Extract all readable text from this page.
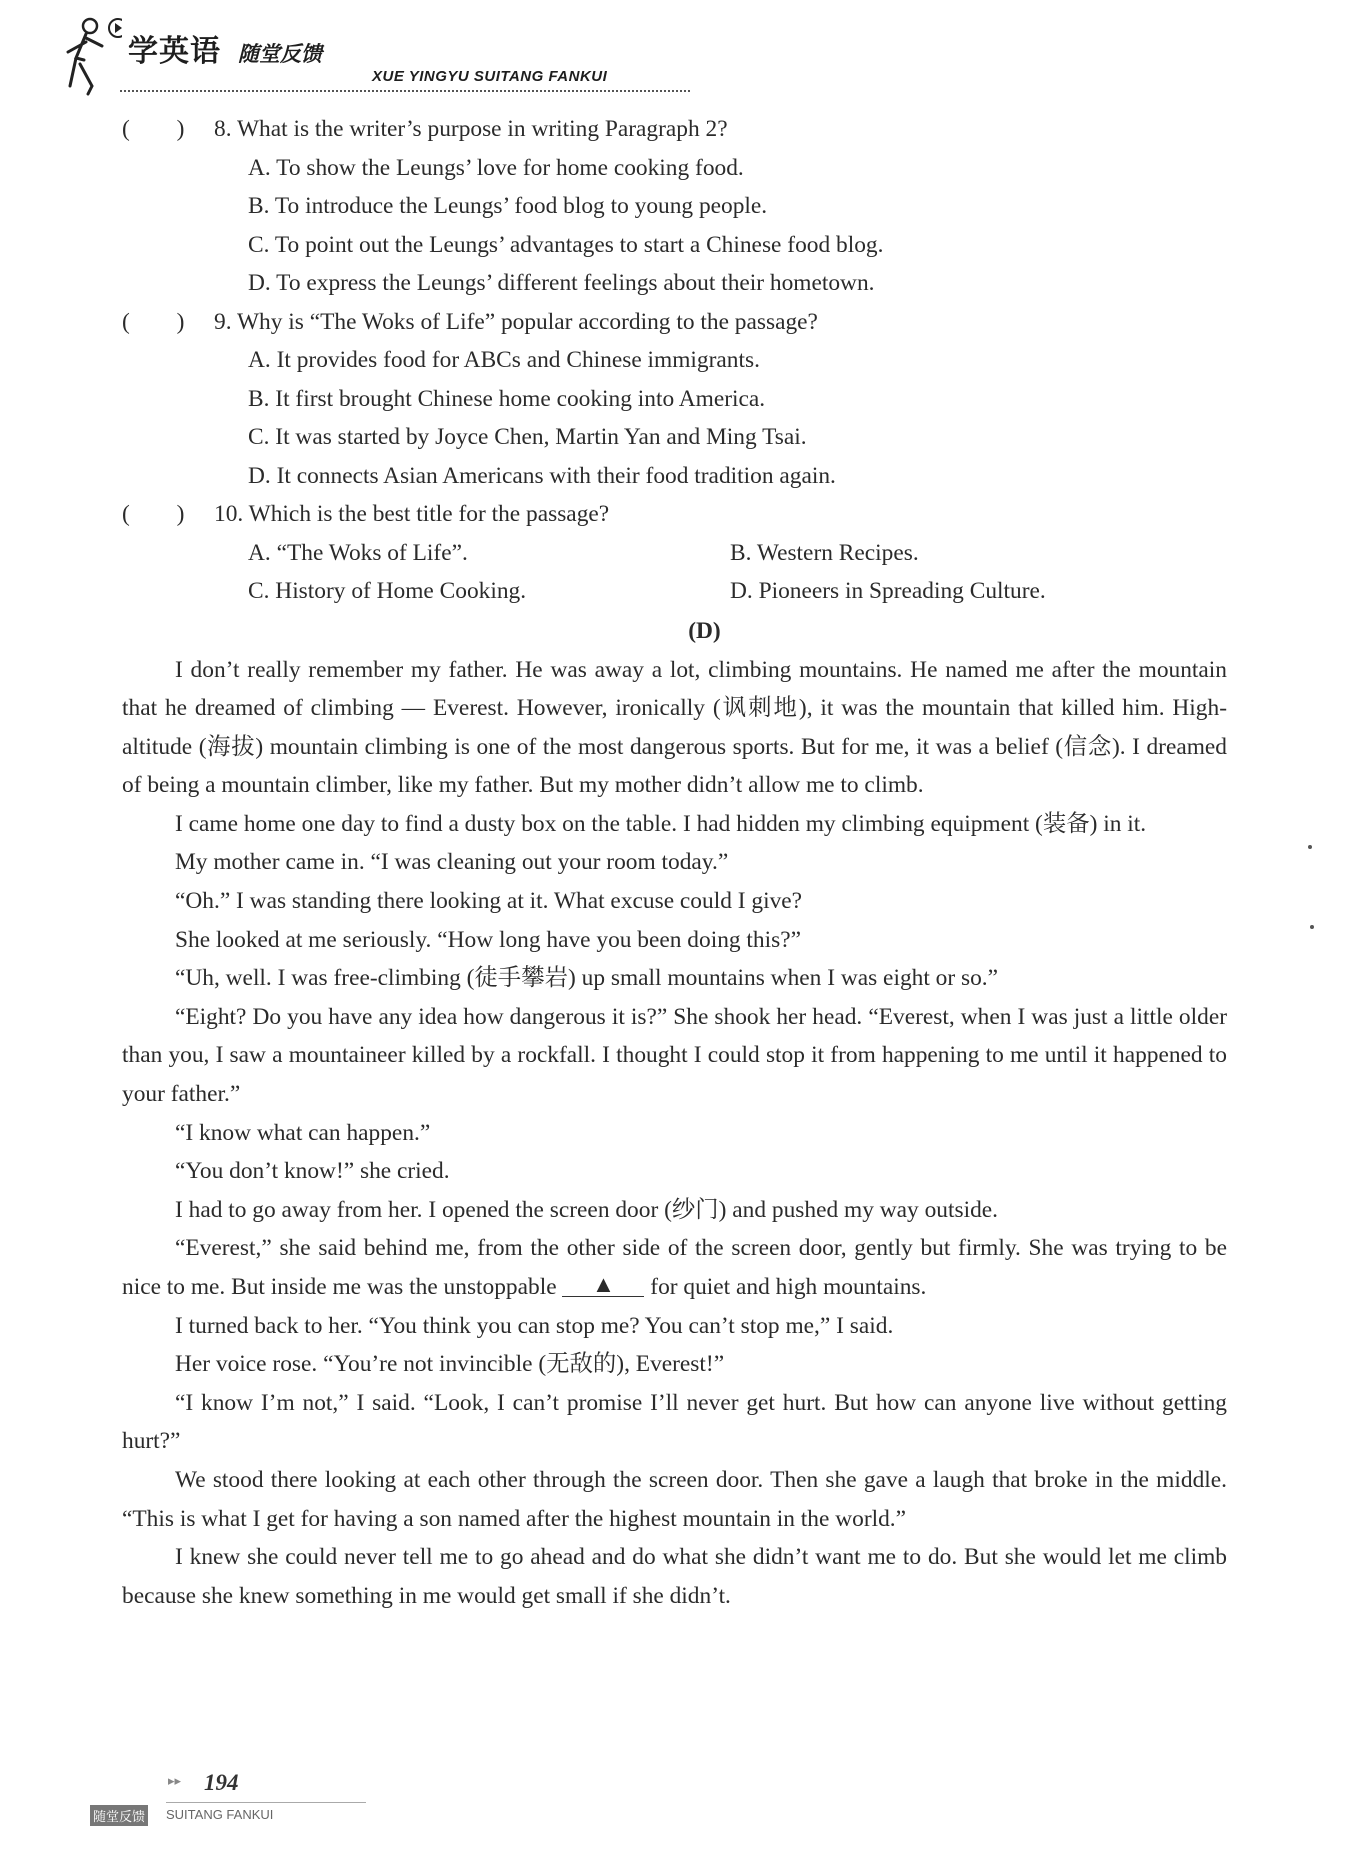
学英语 随堂反馈
XUE YINGYU SUITANG FANKUI
(　　) 8. What is the writer’s purpose in writing Paragraph 2?
A. To show the Leungs’ love for home cooking food.
B. To introduce the Leungs’ food blog to young people.
C. To point out the Leungs’ advantages to start a Chinese food blog.
D. To express the Leungs’ different feelings about their hometown.
(　　) 9. Why is “The Woks of Life” popular according to the passage?
A. It provides food for ABCs and Chinese immigrants.
B. It first brought Chinese home cooking into America.
C. It was started by Joyce Chen, Martin Yan and Ming Tsai.
D. It connects Asian Americans with their food tradition again.
(　　) 10. Which is the best title for the passage?
A. “The Woks of Life”.	B. Western Recipes.
C. History of Home Cooking.	D. Pioneers in Spreading Culture.
(D)

I don’t really remember my father. He was away a lot, climbing mountains. He named me after the mountain that he dreamed of climbing — Everest. However, ironically (讽刺地), it was the mountain that killed him. High-altitude (海拔) mountain climbing is one of the most dangerous sports. But for me, it was a belief (信念). I dreamed of being a mountain climber, like my father. But my mother didn’t allow me to climb.

I came home one day to find a dusty box on the table. I had hidden my climbing equipment (装备) in it.

My mother came in. “I was cleaning out your room today.”

“Oh.” I was standing there looking at it. What excuse could I give?

She looked at me seriously. “How long have you been doing this?”

“Uh, well. I was free-climbing (徒手攀岩) up small mountains when I was eight or so.”

“Eight? Do you have any idea how dangerous it is?” She shook her head. “Everest, when I was just a little older than you, I saw a mountaineer killed by a rockfall. I thought I could stop it from happening to me until it happened to your father.”

“I know what can happen.”

“You don’t know!” she cried.

I had to go away from her. I opened the screen door (纱门) and pushed my way outside.

“Everest,” she said behind me, from the other side of the screen door, gently but firmly. She was trying to be nice to me. But inside me was the unstoppable ▲ for quiet and high mountains.

I turned back to her. “You think you can stop me? You can’t stop me,” I said.

Her voice rose. “You’re not invincible (无敌的), Everest!”

“I know I’m not,” I said. “Look, I can’t promise I’ll never get hurt. But how can anyone live without getting hurt?”

We stood there looking at each other through the screen door. Then she gave a laugh that broke in the middle. “This is what I get for having a son named after the highest mountain in the world.”

I knew she could never tell me to go ahead and do what she didn’t want me to do. But she would let me climb because she knew something in me would get small if she didn’t.

▸▸ 194
随堂反馈 SUITANG FANKUI
